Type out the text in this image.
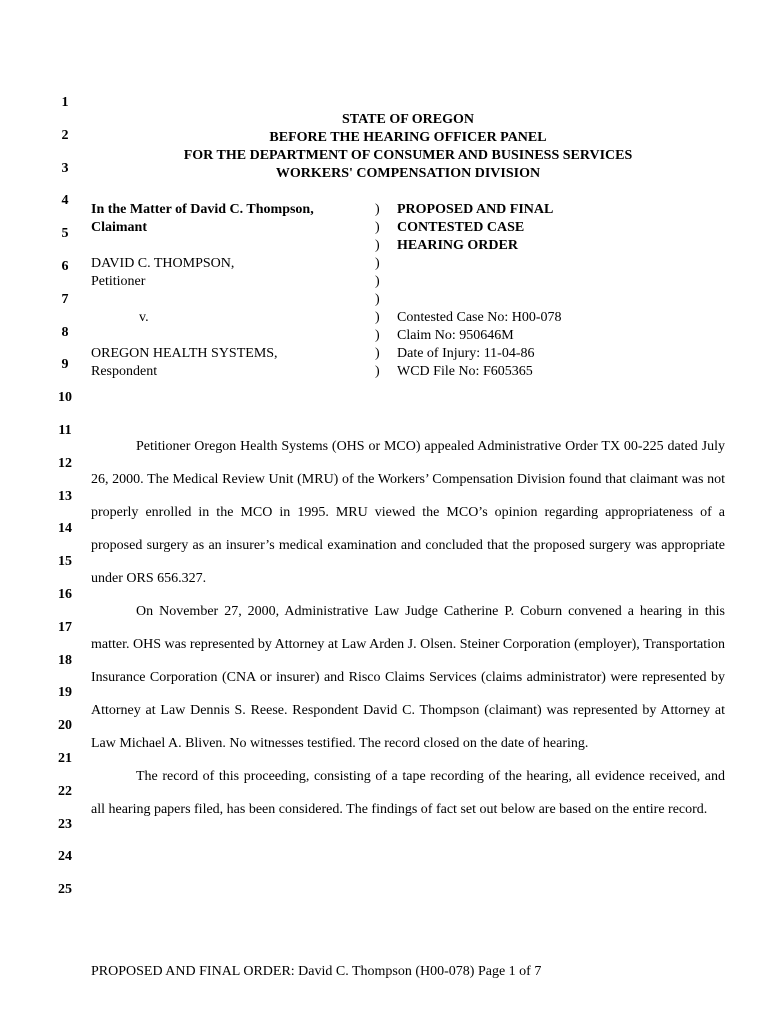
1
2
3
4
5
6
7
8
9
10
11
12
13
14
15
16
17
18
19
20
21
22
23
24
25
STATE OF OREGON
BEFORE THE HEARING OFFICER PANEL
FOR THE DEPARTMENT OF CONSUMER AND BUSINESS SERVICES
WORKERS' COMPENSATION DIVISION
In the Matter of David C. Thompson,
Claimant
DAVID C. THOMPSON,
Petitioner
v.
OREGON HEALTH SYSTEMS,
Respondent
)
)
)
)
)
)
)
)
)
)
PROPOSED AND FINAL
CONTESTED CASE
HEARING ORDER
Contested Case No: H00-078
Claim No: 950646M
Date of Injury: 11-04-86
WCD File No: F605365

Petitioner Oregon Health Systems (OHS or MCO) appealed Administrative Order TX 00-225 dated July 26, 2000. The Medical Review Unit (MRU) of the Workers’ Compensation Division found that claimant was not properly enrolled in the MCO in 1995. MRU viewed the MCO’s opinion regarding appropriateness of a proposed surgery as an insurer’s medical examination and concluded that the proposed surgery was appropriate under ORS 656.327.

On November 27, 2000, Administrative Law Judge Catherine P. Coburn convened a hearing in this matter. OHS was represented by Attorney at Law Arden J. Olsen. Steiner Corporation (employer), Transportation Insurance Corporation (CNA or insurer) and Risco Claims Services (claims administrator) were represented by Attorney at Law Dennis S. Reese. Respondent David C. Thompson (claimant) was represented by Attorney at Law Michael A. Bliven. No witnesses testified. The record closed on the date of hearing.

The record of this proceeding, consisting of a tape recording of the hearing, all evidence received, and all hearing papers filed, has been considered. The findings of fact set out below are based on the entire record.

PROPOSED AND FINAL ORDER: David C. Thompson (H00-078) Page 1 of 7
